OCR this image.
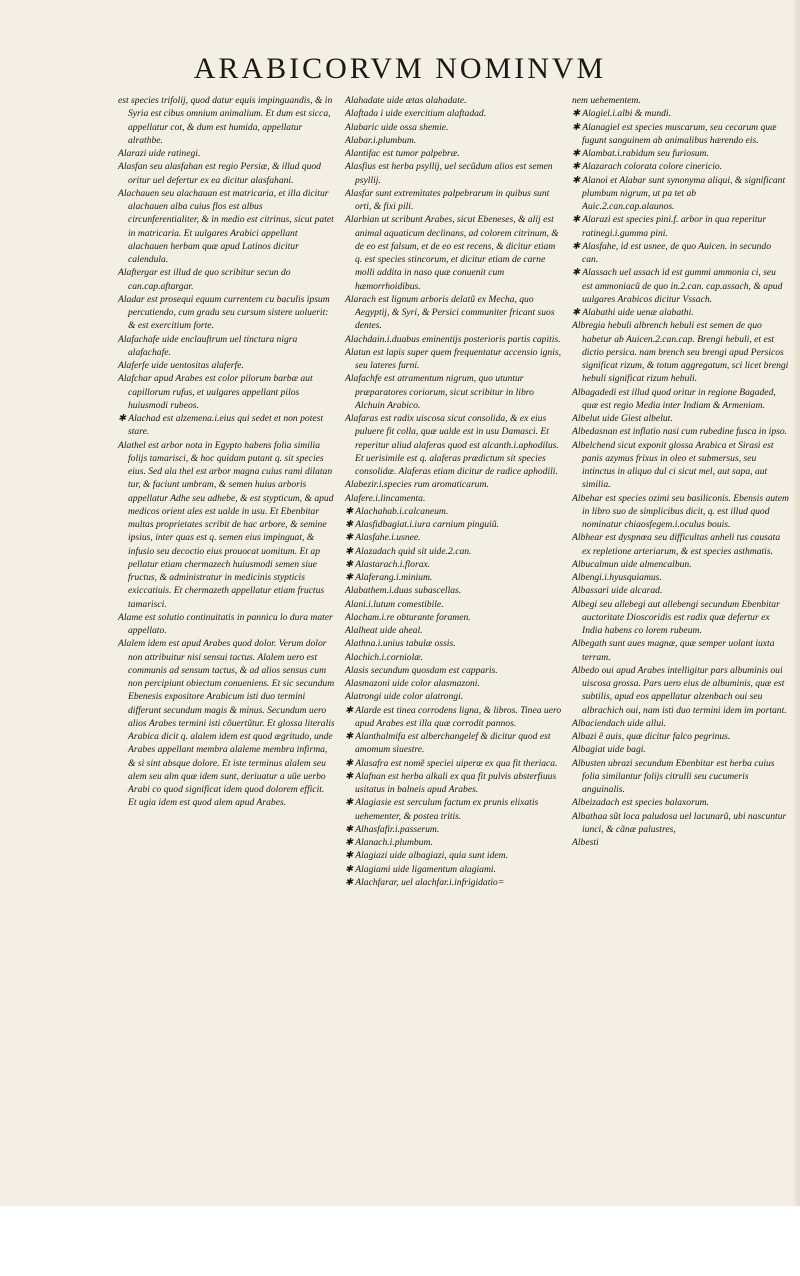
ARABICORVM NOMINVM

est species trifolij, quod datur equis impinguandis, & in Syria est cibus omnium animalium. Et dum est sicca, appellatur cot, & dum est humida, appellatur alrathbe.

Alarazi uide ratinegi.

Alasfan seu alasfahan est regio Persiæ, & illud quod oritur uel defertur ex ea dicitur alasfahani.

Alachauen seu alachauan est matricaria, et illa dicitur alachauen alba cuius flos est albus circunferentialiter, & in medio est citrinus, sicut patet in matricaria. Et uulgares Arabici appellant alachauen herbam quæ apud Latinos dicitur calendula.

Alaftergar est illud de quo scribitur secun do can.cap.aftargar.

Aladar est prosequi equum currentem cu baculis ipsum percutiendo, cum gradu seu cursum sistere uoluerit: & est exercitium forte.

Alafachafe uide enclauftrum uel tinctura nigra alafachafe.

Alaferfe uide uentositas alaferfe.

Alafchar apud Arabes est color pilorum barbæ aut capillorum rufus, et uulgares appellant pilos huiusmodi rubeos.

✱ Alachad est alzemena.i.eius qui sedet et non potest stare.

Alathel est arbor nota in Egypto habens folia similia folijs tamarisci, & hoc quidam putant q. sit species eius. Sed ala thel est arbor magna cuius rami dilatan tur, & faciunt umbram, & semen huius arboris appellatur Adhe seu adhebe, & est stypticum, & apud medicos orient ales est ualde in usu. Et Ebenbitar multas proprietates scribit de hac arbore, & semine ipsius, inter quas est q. semen eius impinguat, & infusio seu decoctio eius prouocat uomitum. Et ap pellatur etiam chermazech huiusmodi semen siue fructus, & administratur in medicinis stypticis exiccatiuis. Et chermazeth appellatur etiam fructus tamarisci.

Alame est solutio continuitatis in pannicu lo dura mater appellato.

Alalem idem est apud Arabes quod dolor. Verum dolor non attribuitur nisi sensui tactus. Alalem uero est communis ad sensum tactus, & ad alios sensus cum non percipiunt obiectum conueniens. Et sic secundum Ebenesis expositore Arabicum isti duo termini differunt secundum magis & minus. Secundum uero alios Arabes termini isti cõuertũtur. Et glossa literalis Arabica dicit q. alalem idem est quod ægritudo, unde Arabes appellant membra alaleme membra infirma, & si sint absque dolore. Et iste terminus alalem seu alem seu alm quæ idem sunt, deriuatur a uũe uerbo Arabi co quod significat idem quod dolorem efficit. Et ugia idem est quod alem apud Arabes.

Alahadate uide ætas alahadate.

Alaftada i uide exercitium alaftadad.

Alabaric uide ossa shemie.

Alabar.i.plumbum.

Alantifac est tumor palpebræ.

Alasfius est herba psyllij, uel secũdum alios est semen psyllij.

Alasfar sunt extremitates palpebrarum in quibus sunt orti, & fixi pili.

Alarbian ut scribunt Arabes, sicut Ebeneses, & alij est animal aquaticum declinans, ad colorem citrinum, & de eo est falsum, et de eo est recens, & dicitur etiam q. est species stincorum, et dicitur etiam de carne molli addita in naso quæ conuenit cum hæmorrhoidibus.

Alarach est lignum arboris delatũ ex Mecha, quo Aegyptij, & Syri, & Persici communiter fricant suos dentes.

Alachdain.i.duabus eminentijs posterioris partis capitis.

Alatun est lapis super quem frequentatur accensio ignis, seu lateres furni.

Alafachfe est atramentum nigrum, quo utuntur præparatores coriorum, sicut scribitur in libro Alchuin Arabico.

Alafaras est radix uiscosa sicut consolida, & ex eius puluere fit colla, quæ ualde est in usu Damasci. Et reperitur aliud alaferas quod est alcanth.i.aphodilus. Et uerisimile est q. alaferas prædictum sit species consolidæ. Alaferas etiam dicitur de radice aphodili.

Alabezir.i.species rum aromaticarum.

Alafere.i.lincamenta.

✱ Alachahab.i.calcaneum.

✱ Alasfidbagiat.i.iura carnium pinguiũ.

✱ Alasfahe.i.usnee.

✱ Alazadach quid sit uide.2.can.

✱ Alastarach.i.florax.

✱ Alaferang.i.minium.

Alabathem.i.duas subascellas.

Alani.i.lutum comestibile.

Alacham.i.re obturante foramen.

Alalheat uide aheal.

Alathna.i.unius tabulæ ossis.

Alachich.i.corniolæ.

Alasis secundum quosdam est capparis.

Alasmazoni uide color alasmazoni.

Alatrongi uide color alatrongi.

✱ Alarde est tinea corrodens ligna, & libros. Tinea uero apud Arabes est illa quæ corrodit pannos.

✱ Alanthalmifa est alberchangelef & dicitur quod est amomum siuestre.

✱ Alasafra est nomẽ speciei uiperæ ex qua fit theriaca.

✱ Alafnan est herba alkali ex qua fit pulvis absterfiuus usitatus in balneis apud Arabes.

✱ Alagiasie est serculum factum ex prunis elixatis uehementer, & postea tritis.

✱ Alhasfafir.i.passerum.

✱ Alanach.i.plumbum.

✱ Alagiazi uide albagiazi, quia sunt idem.

✱ Alagiami uide ligamentum alagiami.

✱ Alachfarar, uel alachfar.i.infrigidatio=

nem uehementem.

✱ Alagiel.i.albi & mundi.

✱ Alanagiel est species muscarum, seu cecarum quæ fugunt sanguinem ab animalibus hærendo eis.

✱ Alambat.i.rabidum seu furiosum.

✱ Alazarach colorata colore cinericio.

✱ Alanoi et Alabar sunt synonyma aliqui, & significant plumbum nigrum, ut pa tet ab Auic.2.can.cap.alaunos.

✱ Alarazi est species pini.f. arbor in qua reperitur ratinegi.i.gumma pini.

✱ Alasfahe, id est usnee, de quo Auicen. in secundo can.

✱ Alassach uel assach id est gummi ammonia ci, seu est ammoniacũ de quo in.2.can. cap.assach, & apud uulgares Arabicos dicitur Vssach.

✱ Alabathi uide uenæ alabathi.

Albregia hebuli albrench hebuli est semen de quo habetur ab Auicen.2.can.cap. Brengi hebuli, et est dictio persica. nam brench seu brengi apud Persicos significat rizum, & totum aggregatum, sci licet brengi hebuli significat rizum hebuli.

Albagadedi est illud quod oritur in regione Bagaded, quæ est regio Media inter Indiam & Armeniam.

Albelut uide Giest albelut.

Albedasnan est inflatio nasi cum rubedine fusca in ipso.

Albelchend sicut exponit glossa Arabica et Sirasi est panis azymus frixus in oleo et submersus, seu intinctus in aliquo dul ci sicut mel, aut sapa, aut similia.

Albehar est species ozimi seu basiliconis. Ebensis autem in libro suo de simplicibus dicit, q. est illud quod nominatur chiaosfegem.i.oculus bouis.

Albhear est dyspnœa seu difficultas anheli tus causata ex repletione arteriarum, & est species asthmatis.

Albucalmun uide almencalbun.

Albengi.i.hyusquiamus.

Albassari uide alcarad.

Albegi seu allebegi aut allebengi secundum Ebenbitar auctoritate Dioscoridis est radix quæ defertur ex India habens co lorem rubeum.

Albegath sunt aues magnæ, quæ semper uolant iuxta terram.

Albedo oui apud Arabes intelligitur pars albuminis oui uiscosa grossa. Pars uero eius de albuminis, quæ est subtilis, apud eos appellatur alzenbach oui seu albrachich oui, nam isti duo termini idem im portant.

Albaciendach uide allui.

Albazi ẽ auis, quæ dicitur falco pegrinus.

Albagiat uide bagi.

Albusten ubrazi secundum Ebenbitar est herba cuius folia similantur folijs citrulli seu cucumeris anguinalis.

Albeizadach est species balaxorum.

Albathaa sũt loca paludosa uel lacunarũ, ubi nascuntur iunci, & cãnæ palustres,

Albesti
